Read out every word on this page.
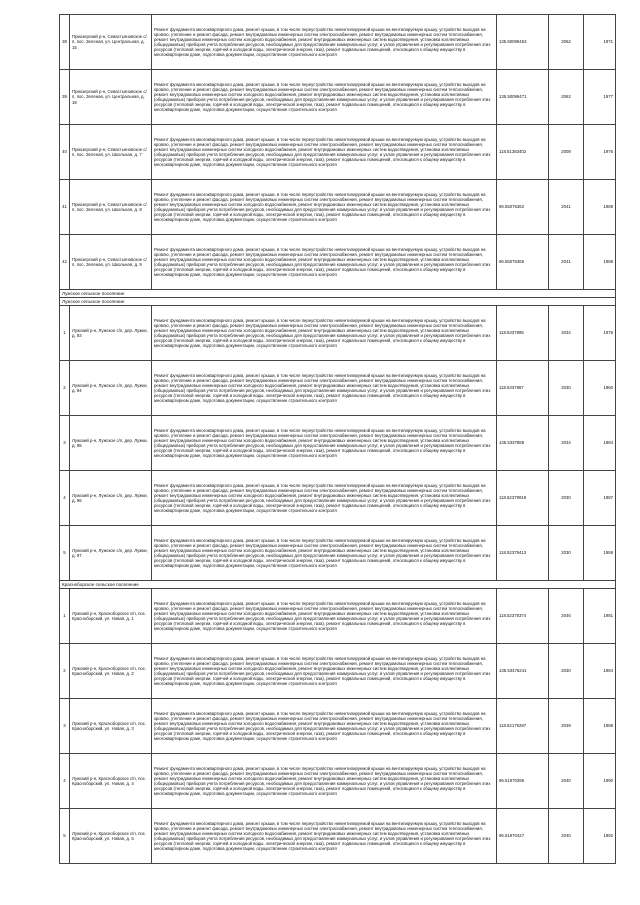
38	Приозерский р-н, Севастьяновское с/п, пос. Зеленая, ул. Центральная, д. 15	Ремонт фундамента многоквартирного дома, ремонт крыши, в том числе переустройство невентилируемой крыши на вентилируемую крышу, устройство выходов на кровлю, утепление и ремонт фасада, ремонт внутридомовых инженерных систем электроснабжения, ремонт внутридомовых инженерных систем теплоснабжения, ремонт внутридомовых инженерных систем холодного водоснабжения, ремонт внутридомовых инженерных систем водоотведения, установка коллективных (общедомовых) приборов учета потребления ресурсов, необходимых для предоставления коммунальных услуг, и узлов управления и регулирования потребления этих ресурсов (тепловой энергии, горячей и холодной воды, электрической энергии, газа), ремонт подвальных помещений, относящихся к общему имуществу в многоквартирном доме, подготовка документации, осуществление строительного контроля	135.50099463	2062	1971
39	Приозерский р-н, Севастьяновское с/п, пос. Зеленая, ул. Центральная, д. 18	Ремонт фундамента многоквартирного дома, ремонт крыши, в том числе переустройство невентилируемой крыши на вентилируемую крышу, устройство выходов на кровлю, утепление и ремонт фасада, ремонт внутридомовых инженерных систем электроснабжения, ремонт внутридомовых инженерных систем теплоснабжения, ремонт внутридомовых инженерных систем холодного водоснабжения, ремонт внутридомовых инженерных систем водоотведения, установка коллективных (общедомовых) приборов учета потребления ресурсов, необходимых для предоставления коммунальных услуг, и узлов управления и регулирования потребления этих ресурсов (тепловой энергии, горячей и холодной воды, электрической энергии, газа), ремонт подвальных помещений, относящихся к общему имуществу в многоквартирном доме, подготовка документации, осуществление строительного контроля	135.50099471	2062	1977
40	Приозерский р-н, Севастьяновское с/п, пос. Зеленая, ул. Школьная, д. 7	Ремонт фундамента многоквартирного дома, ремонт крыши, в том числе переустройство невентилируемой крыши на вентилируемую крышу, устройство выходов на кровлю, утепление и ремонт фасада, ремонт внутридомовых инженерных систем электроснабжения, ремонт внутридомовых инженерных систем теплоснабжения, ремонт внутридомовых инженерных систем холодного водоснабжения, ремонт внутридомовых инженерных систем водоотведения, установка коллективных (общедомовых) приборов учета потребления ресурсов, необходимых для предоставления коммунальных услуг, и узлов управления и регулирования потребления этих ресурсов (тепловой энергии, горячей и холодной воды, электрической энергии, газа), ремонт подвальных помещений, относящихся к общему имуществу в многоквартирном доме, подготовка документации, осуществление строительного контроля	118.51383402	2008	1976
41	Приозерский р-н, Севастьяновское с/п, пос. Зеленая, ул. Школьная, д. 8	Ремонт фундамента многоквартирного дома, ремонт крыши, в том числе переустройство невентилируемой крыши на вентилируемую крышу, устройство выходов на кровлю, утепление и ремонт фасада, ремонт внутридомовых инженерных систем электроснабжения, ремонт внутридомовых инженерных систем теплоснабжения, ремонт внутридомовых инженерных систем холодного водоснабжения, ремонт внутридомовых инженерных систем водоотведения, установка коллективных (общедомовых) приборов учета потребления ресурсов, необходимых для предоставления коммунальных услуг, и узлов управления и регулирования потребления этих ресурсов (тепловой энергии, горячей и холодной воды, электрической энергии, газа), ремонт подвальных помещений, относящихся к общему имуществу в многоквартирном доме, подготовка документации, осуществление строительного контроля	96.55075362	2041	1988
42	Приозерский р-н, Севастьяновское с/п, пос. Зеленая, ул. Школьная, д. 9	Ремонт фундамента многоквартирного дома, ремонт крыши, в том числе переустройство невентилируемой крыши на вентилируемую крышу, устройство выходов на кровлю, утепление и ремонт фасада, ремонт внутридомовых инженерных систем электроснабжения, ремонт внутридомовых инженерных систем теплоснабжения, ремонт внутридомовых инженерных систем холодного водоснабжения, ремонт внутридомовых инженерных систем водоотведения, установка коллективных (общедомовых) приборов учета потребления ресурсов, необходимых для предоставления коммунальных услуг, и узлов управления и регулирования потребления этих ресурсов (тепловой энергии, горячей и холодной воды, электрической энергии, газа), ремонт подвальных помещений, относящихся к общему имуществу в многоквартирном доме, подготовка документации, осуществление строительного контроля	96.55075365	2041	1988
Лужское сельское поселение					
Лужское сельское поселение					
1	Лужский р-н, Лужское с/п, дер. Лужки, д. 93	Ремонт фундамента многоквартирного дома, ремонт крыши, в том числе переустройство невентилируемой крыши на вентилируемую крышу, устройство выходов на кровлю, утепление и ремонт фасада, ремонт внутридомовых инженерных систем электроснабжения, ремонт внутридомовых инженерных систем теплоснабжения, ремонт внутридомовых инженерных систем холодного водоснабжения, ремонт внутридомовых инженерных систем водоотведения, установка коллективных (общедомовых) приборов учета потребления ресурсов, необходимых для предоставления коммунальных услуг, и узлов управления и регулирования потребления этих ресурсов (тепловой энергии, горячей и холодной воды, электрической энергии, газа), ремонт подвальных помещений, относящихся к общему имуществу в многоквартирном доме, подготовка документации, осуществление строительного контроля	118.5337895	2034	1976
2	Лужский р-н, Лужское с/п, дер. Лужки, д. 94	Ремонт фундамента многоквартирного дома, ремонт крыши, в том числе переустройство невентилируемой крыши на вентилируемую крышу, устройство выходов на кровлю, утепление и ремонт фасада, ремонт внутридомовых инженерных систем электроснабжения, ремонт внутридомовых инженерных систем теплоснабжения, ремонт внутридомовых инженерных систем холодного водоснабжения, ремонт внутридомовых инженерных систем водоотведения, установка коллективных (общедомовых) приборов учета потребления ресурсов, необходимых для предоставления коммунальных услуг, и узлов управления и регулирования потребления этих ресурсов (тепловой энергии, горячей и холодной воды, электрической энергии, газа), ремонт подвальных помещений, относящихся к общему имуществу в многоквартирном доме, подготовка документации, осуществление строительного контроля	118.5337887	2030	1960
3	Лужский р-н, Лужское с/п, дер. Лужки, д. 95	Ремонт фундамента многоквартирного дома, ремонт крыши, в том числе переустройство невентилируемой крыши на вентилируемую крышу, устройство выходов на кровлю, утепление и ремонт фасада, ремонт внутридомовых инженерных систем электроснабжения, ремонт внутридомовых инженерных систем теплоснабжения, ремонт внутридомовых инженерных систем холодного водоснабжения, ремонт внутридомовых инженерных систем водоотведения, установка коллективных (общедомовых) приборов учета потребления ресурсов, необходимых для предоставления коммунальных услуг, и узлов управления и регулирования потребления этих ресурсов (тепловой энергии, горячей и холодной воды, электрической энергии, газа), ремонт подвальных помещений, относящихся к общему имуществу в многоквартирном доме, подготовка документации, осуществление строительного контроля	135.5337888	2034	1984
4	Лужский р-н, Лужское с/п, дер. Лужки, д. 96	Ремонт фундамента многоквартирного дома, ремонт крыши, в том числе переустройство невентилируемой крыши на вентилируемую крышу, устройство выходов на кровлю, утепление и ремонт фасада, ремонт внутридомовых инженерных систем электроснабжения, ремонт внутридомовых инженерных систем теплоснабжения, ремонт внутридомовых инженерных систем холодного водоснабжения, ремонт внутридомовых инженерных систем водоотведения, установка коллективных (общедомовых) приборов учета потребления ресурсов, необходимых для предоставления коммунальных услуг, и узлов управления и регулирования потребления этих ресурсов (тепловой энергии, горячей и холодной воды, электрической энергии, газа), ремонт подвальных помещений, относящихся к общему имуществу в многоквартирном доме, подготовка документации, осуществление строительного контроля	118.52379919	2030	1987
5	Лужский р-н, Лужское с/п, дер. Лужки, д. 97	Ремонт фундамента многоквартирного дома, ремонт крыши, в том числе переустройство невентилируемой крыши на вентилируемую крышу, устройство выходов на кровлю, утепление и ремонт фасада, ремонт внутридомовых инженерных систем электроснабжения, ремонт внутридомовых инженерных систем теплоснабжения, ремонт внутридомовых инженерных систем холодного водоснабжения, ремонт внутридомовых инженерных систем водоотведения, установка коллективных (общедомовых) приборов учета потребления ресурсов, необходимых для предоставления коммунальных услуг, и узлов управления и регулирования потребления этих ресурсов (тепловой энергии, горячей и холодной воды, электрической энергии, газа), ремонт подвальных помещений, относящихся к общему имуществу в многоквартирном доме, подготовка документации, осуществление строительного контроля	118.52379413	2030	1959
Красноборское сельское поселение					
1	Лужский р-н, Красноборское с/п, пос. Красноборский, ул. Новая, д. 1	Ремонт фундамента многоквартирного дома, ремонт крыши, в том числе переустройство невентилируемой крыши на вентилируемую крышу, устройство выходов на кровлю, утепление и ремонт фасада, ремонт внутридомовых инженерных систем электроснабжения, ремонт внутридомовых инженерных систем теплоснабжения, ремонт внутридомовых инженерных систем холодного водоснабжения, ремонт внутридомовых инженерных систем водоотведения, установка коллективных (общедомовых) приборов учета потребления ресурсов, необходимых для предоставления коммунальных услуг, и узлов управления и регулирования потребления этих ресурсов (тепловой энергии, горячей и холодной воды, электрической энергии, газа), ремонт подвальных помещений, относящихся к общему имуществу в многоквартирном доме, подготовка документации, осуществление строительного контроля	118.52378374	2046	1981
2	Лужский р-н, Красноборское с/п, пос. Красноборский, ул. Новая, д. 2	Ремонт фундамента многоквартирного дома, ремонт крыши, в том числе переустройство невентилируемой крыши на вентилируемую крышу, устройство выходов на кровлю, утепление и ремонт фасада, ремонт внутридомовых инженерных систем электроснабжения, ремонт внутридомовых инженерных систем теплоснабжения, ремонт внутридомовых инженерных систем холодного водоснабжения, ремонт внутридомовых инженерных систем водоотведения, установка коллективных (общедомовых) приборов учета потребления ресурсов, необходимых для предоставления коммунальных услуг, и узлов управления и регулирования потребления этих ресурсов (тепловой энергии, горячей и холодной воды, электрической энергии, газа), ремонт подвальных помещений, относящихся к общему имуществу в многоквартирном доме, подготовка документации, осуществление строительного контроля	135.53476241	2030	1984
3	Лужский р-н, Красноборское с/п, пос. Красноборский, ул. Новая, д. 3	Ремонт фундамента многоквартирного дома, ремонт крыши, в том числе переустройство невентилируемой крыши на вентилируемую крышу, устройство выходов на кровлю, утепление и ремонт фасада, ремонт внутридомовых инженерных систем электроснабжения, ремонт внутридомовых инженерных систем теплоснабжения, ремонт внутридомовых инженерных систем холодного водоснабжения, ремонт внутридомовых инженерных систем водоотведения, установка коллективных (общедомовых) приборов учета потребления ресурсов, необходимых для предоставления коммунальных услуг, и узлов управления и регулирования потребления этих ресурсов (тепловой энергии, горячей и холодной воды, электрической энергии, газа), ремонт подвальных помещений, относящихся к общему имуществу в многоквартирном доме, подготовка документации, осуществление строительного контроля	118.52175287	2039	1988
4	Лужский р-н, Красноборское с/п, пос. Красноборский, ул. Новая, д. 4	Ремонт фундамента многоквартирного дома, ремонт крыши, в том числе переустройство невентилируемой крыши на вентилируемую крышу, устройство выходов на кровлю, утепление и ремонт фасада, ремонт внутридомовых инженерных систем электроснабжения, ремонт внутридомовых инженерных систем теплоснабжения, ремонт внутридомовых инженерных систем холодного водоснабжения, ремонт внутридомовых инженерных систем водоотведения, установка коллективных (общедомовых) приборов учета потребления ресурсов, необходимых для предоставления коммунальных услуг, и узлов управления и регулирования потребления этих ресурсов (тепловой энергии, горячей и холодной воды, электрической энергии, газа), ремонт подвальных помещений, относящихся к общему имуществу в многоквартирном доме, подготовка документации, осуществление строительного контроля	96.51970396	2040	1990
5	Лужский р-н, Красноборское с/п, пос. Красноборский, ул. Новая, д. 5	Ремонт фундамента многоквартирного дома, ремонт крыши, в том числе переустройство невентилируемой крыши на вентилируемую крышу, устройство выходов на кровлю, утепление и ремонт фасада, ремонт внутридомовых инженерных систем электроснабжения, ремонт внутридомовых инженерных систем теплоснабжения, ремонт внутридомовых инженерных систем холодного водоснабжения, ремонт внутридомовых инженерных систем водоотведения, установка коллективных (общедомовых) приборов учета потребления ресурсов, необходимых для предоставления коммунальных услуг, и узлов управления и регулирования потребления этих ресурсов (тепловой энергии, горячей и холодной воды, электрической энергии, газа), ремонт подвальных помещений, относящихся к общему имуществу в многоквартирном доме, подготовка документации, осуществление строительного контроля	96.51970427	2040	1992
